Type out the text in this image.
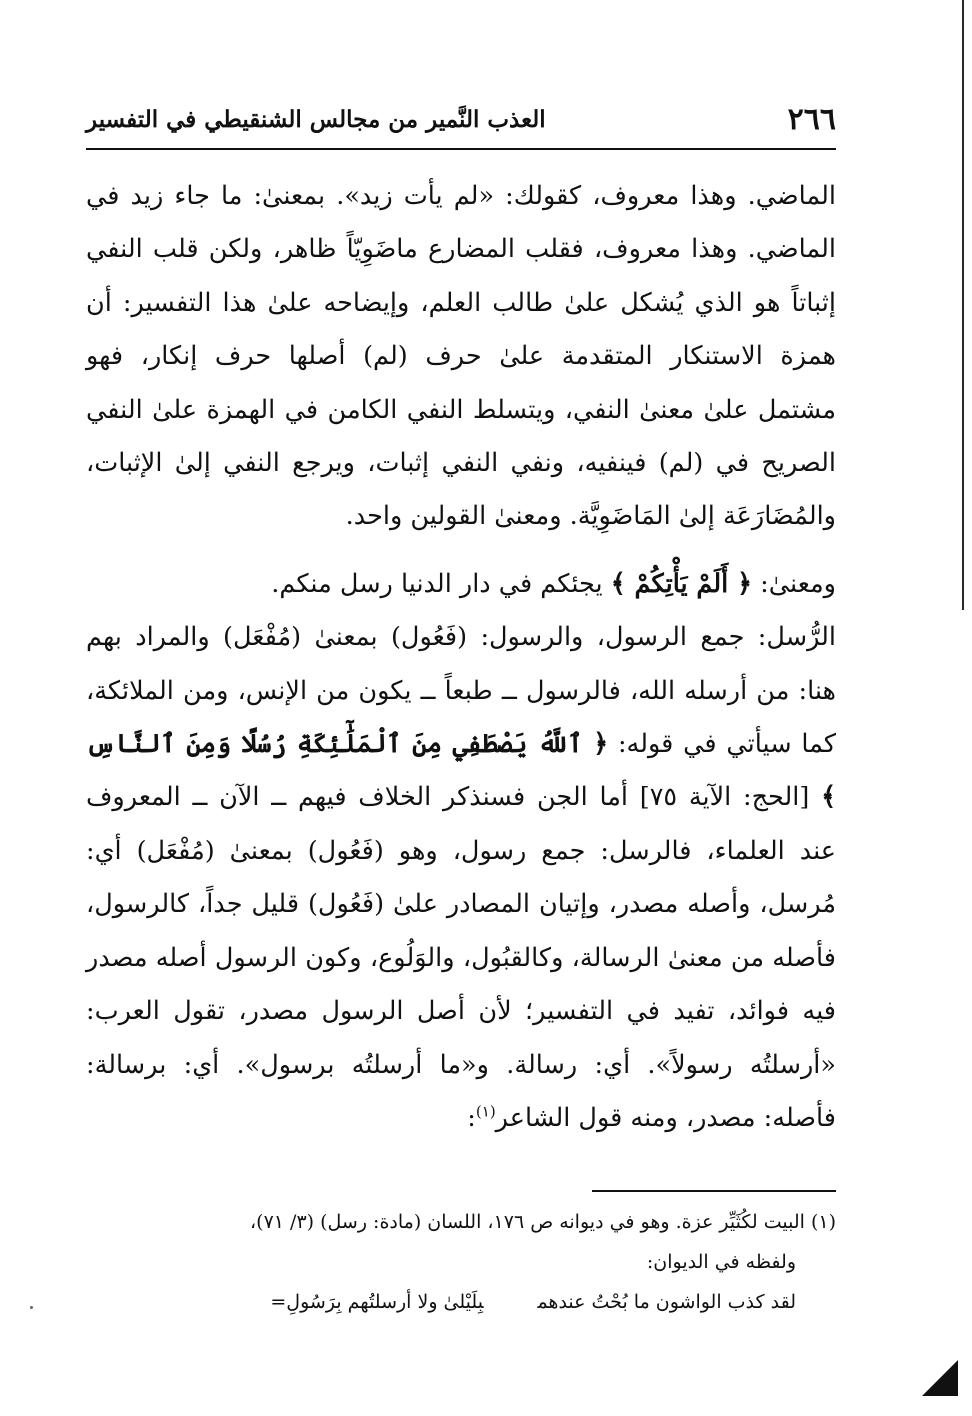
٢٦٦
العذب النَّمير من مجالس الشنقيطي في التفسير

الماضي. وهذا معروف، كقولك: «لم يأت زيد». بمعنىٰ: ما جاء زيد في الماضي. وهذا معروف، فقلب المضارع ماضَوِيّاً ظاهر، ولكن قلب النفي إثباتاً هو الذي يُشكل علىٰ طالب العلم، وإيضاحه علىٰ هذا التفسير: أن همزة الاستنكار المتقدمة علىٰ حرف (لم) أصلها حرف إنكار، فهو مشتمل علىٰ معنىٰ النفي، ويتسلط النفي الكامن في الهمزة علىٰ النفي الصريح في (لم) فينفيه، ونفي النفي إثبات، ويرجع النفي إلىٰ الإثبات، والمُضَارَعَة إلىٰ المَاضَوِيَّة. ومعنىٰ القولين واحد.

ومعنىٰ: ﴿ أَلَمْ يَأْتِكُمْ ﴾ يجئكم في دار الدنيا رسل منكم.

الرُّسل: جمع الرسول، والرسول: (فَعُول) بمعنىٰ (مُفْعَل) والمراد بهم هنا: من أرسله الله، فالرسول ــ طبعاً ــ يكون من الإنس، ومن الملائكة، كما سيأتي في قوله: ﴿ ٱللَّهُ يَصْطَفِي مِنَ ٱلْمَلَٰٓئِكَةِ رُسُلًا وَمِنَ ٱلنَّاسِ ﴾ [الحج: الآية ٧٥] أما الجن فسنذكر الخلاف فيهم ــ الآن ــ المعروف عند العلماء، فالرسل: جمع رسول، وهو (فَعُول) بمعنىٰ (مُفْعَل) أي: مُرسل، وأصله مصدر، وإتيان المصادر علىٰ (فَعُول) قليل جداً، كالرسول، فأصله من معنىٰ الرسالة، وكالقبُول، والوَلُوع، وكون الرسول أصله مصدر فيه فوائد، تفيد في التفسير؛ لأن أصل الرسول مصدر، تقول العرب: «أرسلتُه رسولاً». أي: رسالة. و«ما أرسلتُه برسول». أي: برسالة: فأصله: مصدر، ومنه قول الشاعر$^{(١)}$:

(١) البيت لكُثَيِّر عزة. وهو في ديوانه ص ١٧٦، اللسان (مادة: رسل) (٣/ ٧١)،

ولفظه في الديوان:

لقد كذب الواشون ما بُحْتُ عندهمبِلَيْلىٰ ولا أرسلتُهم بِرَسُولِ=
